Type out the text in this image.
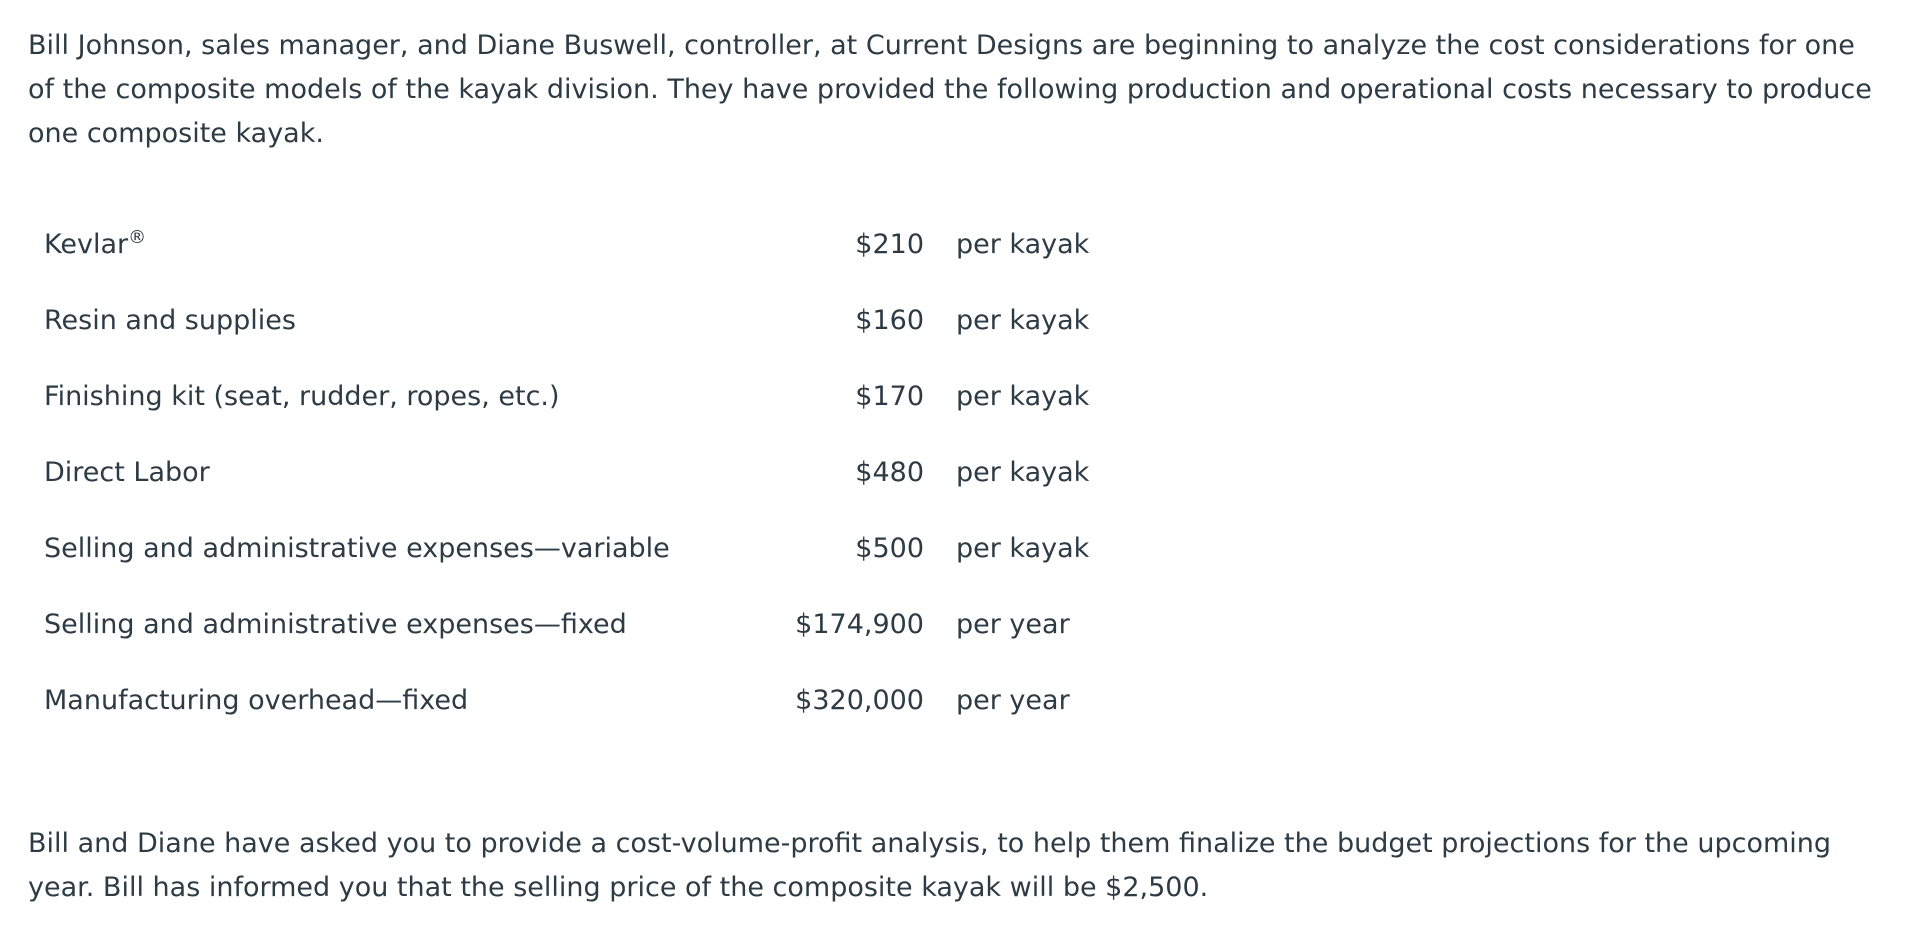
Bill Johnson, sales manager, and Diane Buswell, controller, at Current Designs are beginning to analyze the cost considerations for one of the composite models of the kayak division. They have provided the following production and operational costs necessary to produce one composite kayak.

Kevlar®	$210	per kayak
Resin and supplies	$160	per kayak
Finishing kit (seat, rudder, ropes, etc.)	$170	per kayak
Direct Labor	$480	per kayak
Selling and administrative expenses—variable	$500	per kayak
Selling and administrative expenses—fixed	$174,900	per year
Manufacturing overhead—fixed	$320,000	per year

Bill and Diane have asked you to provide a cost-volume-profit analysis, to help them finalize the budget projections for the upcoming year. Bill has informed you that the selling price of the composite kayak will be $2,500.
